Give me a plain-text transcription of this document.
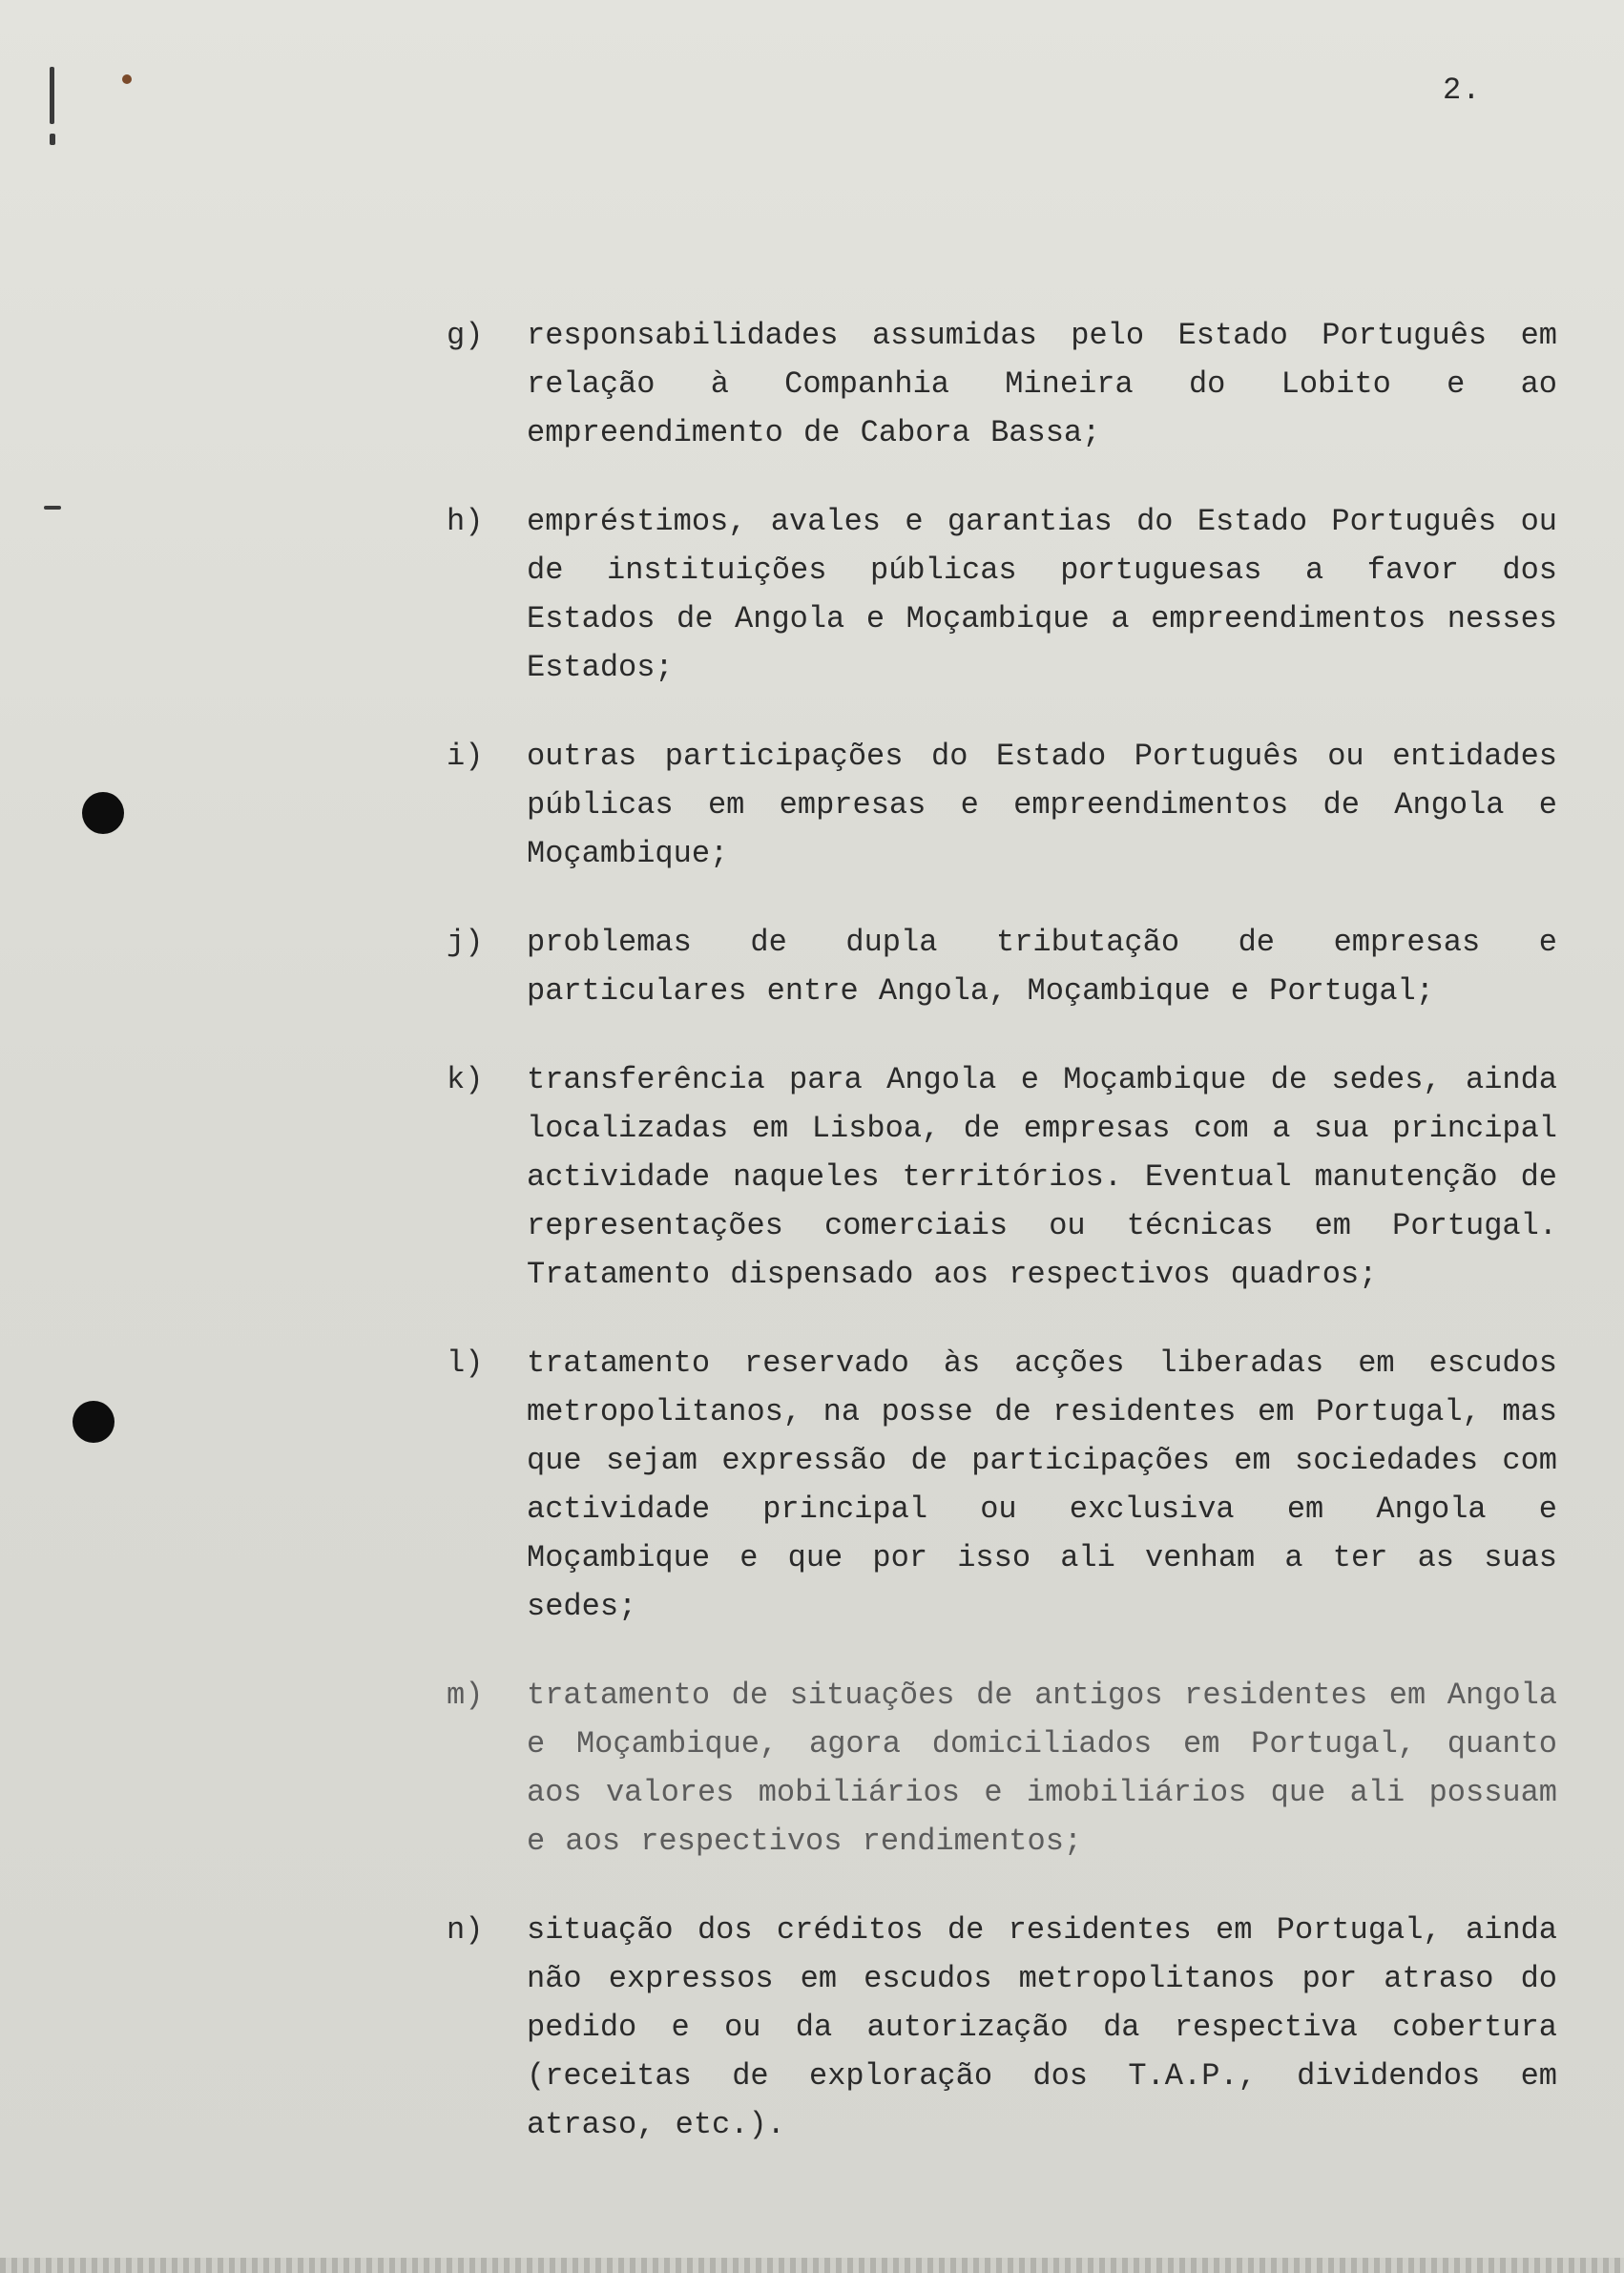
2.
g)	responsabilidades assumidas pelo Estado Português em relação à Companhia Mineira do Lobito e ao empreendimento de Cabora Bassa;
h)	empréstimos, avales e garantias do Estado Português ou de instituições públicas portuguesas a favor dos Estados de Angola e Moçambique a empreendimentos nesses Estados;
i)	outras participações do Estado Português ou entidades públicas em empresas e empreendimentos de Angola e Moçambique;
j)	problemas de dupla tributação de empresas e particulares entre Angola, Moçambique e Portugal;
k)	transferência para Angola e Moçambique de sedes, ainda localizadas em Lisboa, de empresas com a sua principal actividade naqueles territórios. Eventual manutenção de representações comerciais ou técnicas em Portugal. Tratamento dispensado aos respectivos quadros;
l)	tratamento reservado às acções liberadas em escudos metropolitanos, na posse de residentes em Portugal, mas que sejam expressão de participações em sociedades com actividade principal ou exclusiva em Angola e Moçambique e que por isso ali venham a ter as suas sedes;
m)	tratamento de situações de antigos residentes em Angola e Moçambique, agora domiciliados em Portugal, quanto aos valores mobiliários e imobiliários que ali possuam e aos respectivos rendimentos;
n)	situação dos créditos de residentes em Portugal, ainda não expressos em escudos metropolitanos por atraso do pedido e ou da autorização da respectiva cobertura (receitas de exploração dos T.A.P., dividendos em atraso, etc.).
